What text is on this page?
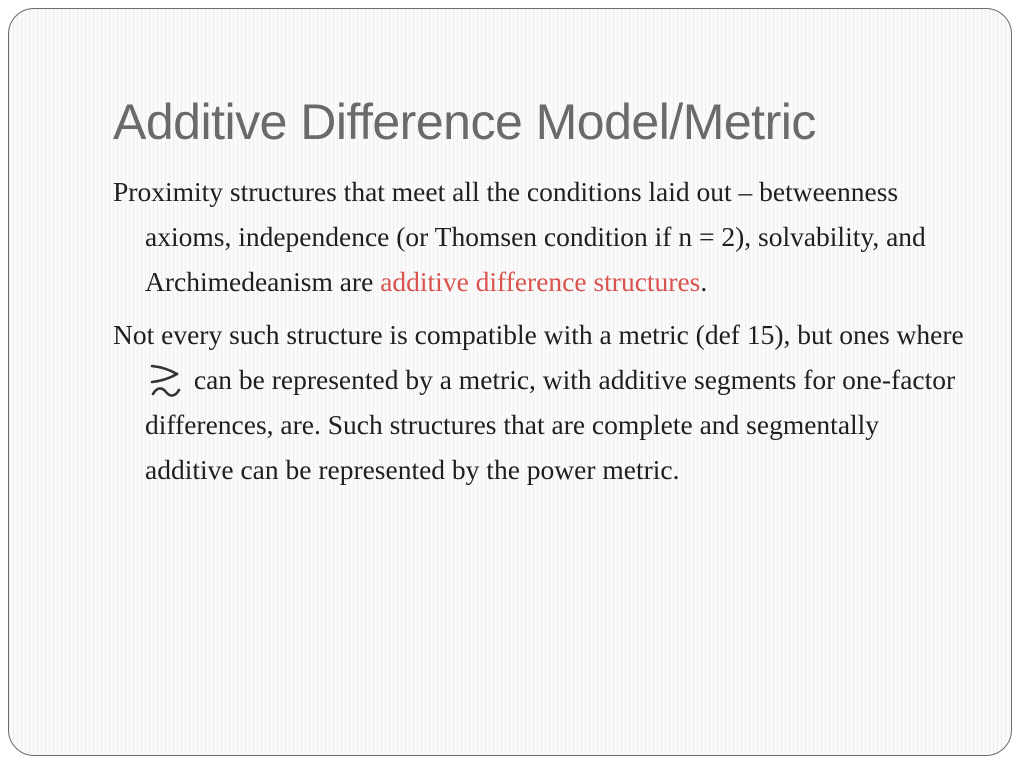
Additive Difference Model/Metric

Proximity structures that meet all the conditions laid out – betweenness axioms, independence (or Thomsen condition if n = 2), solvability, and Archimedeanism are additive difference structures.

Not every such structure is compatible with a metric (def 15), but ones where
can be represented by a metric, with additive segments for one-factor differences, are. Such structures that are complete and segmentally additive can be represented by the power metric.
